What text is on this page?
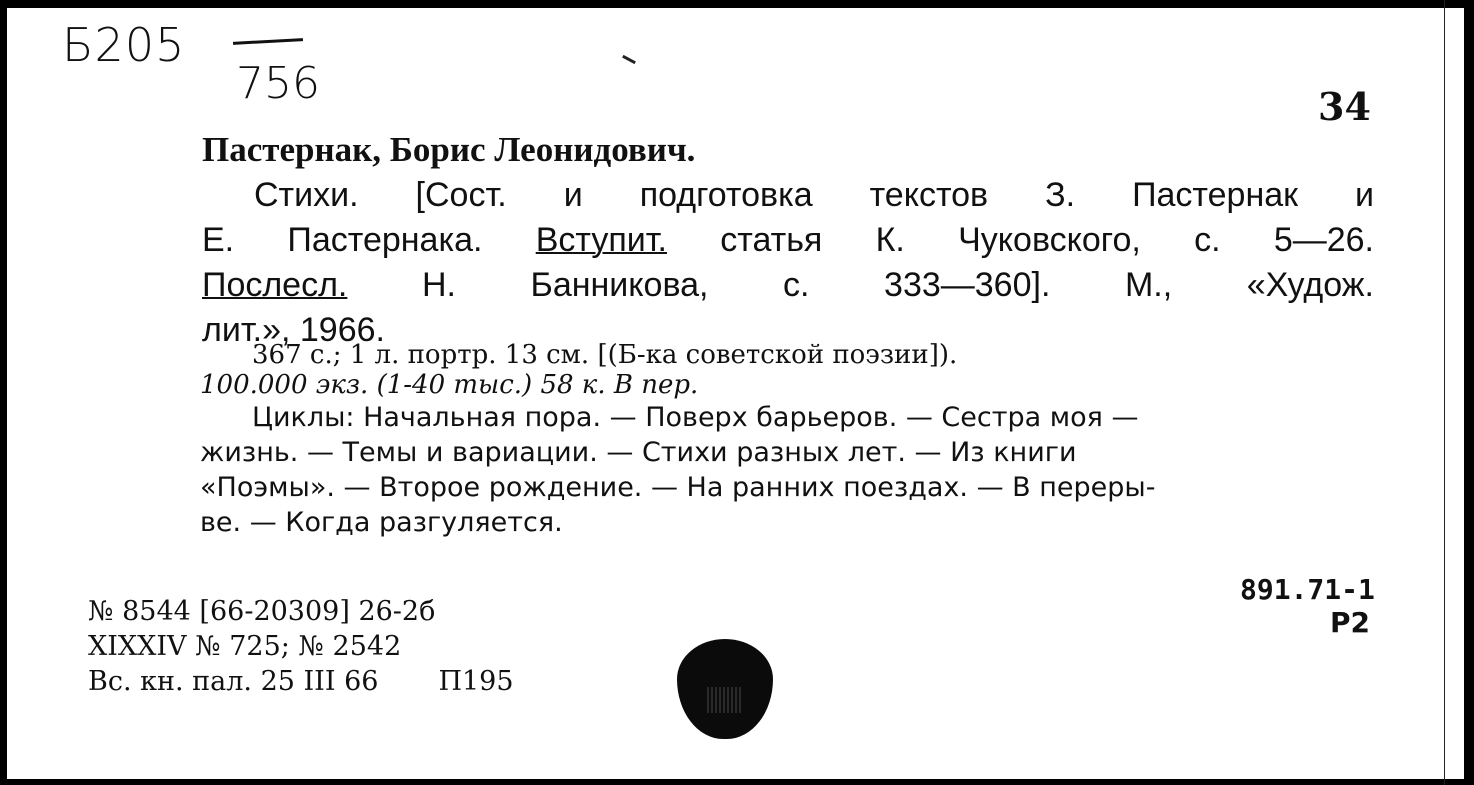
Б205
756	34
Пастернак, Борис Леонидович.
Стихи. [Сост. и подготовка текстов З. Пастернак и
Е. Пастернака. Вступит. статья К. Чуковского, с. 5—26.
Послесл. Н. Банникова, с. 333—360]. М., «Худож.
лит.», 1966.
367 с.; 1 л. портр. 13 см. [(Б-ка советской поэзии]).
100.000 экз. (1-40 тыс.) 58 к. В пер.
Циклы: Начальная пора. — Поверх барьеров. — Сестра моя —
жизнь. — Темы и вариации. — Стихи разных лет. — Из книги
«Поэмы». — Второе рождение. — На ранних поездах. — В переры-
ве. — Когда разгуляется.
№ 8544 [66-20309] 26-2б
XIXXIV № 725; № 2542
Вс. кн. пал. 25 III 66 П195
891.71-1
Р2
